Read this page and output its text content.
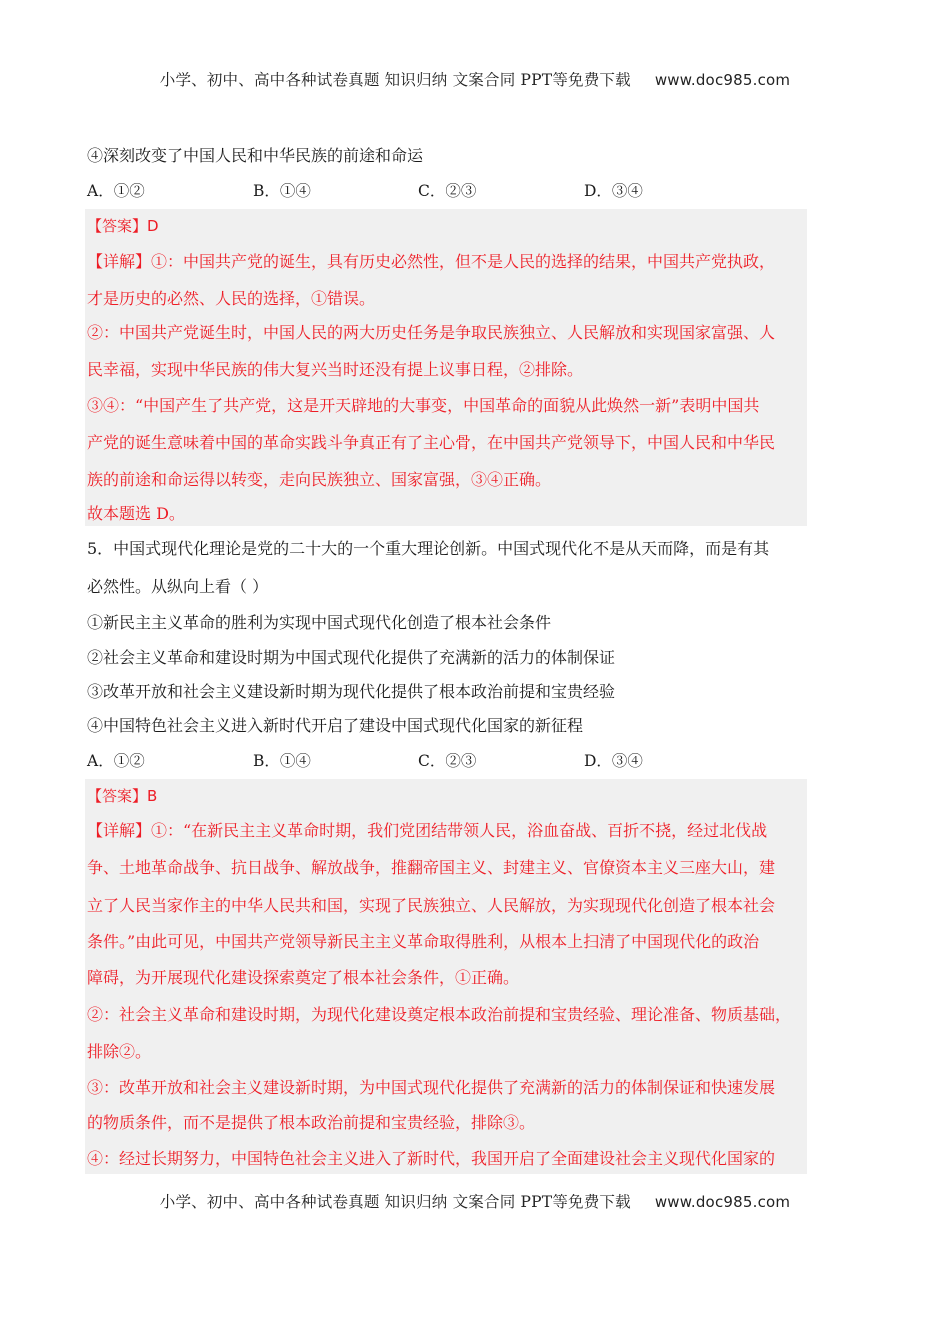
小学、初中、高中各种试卷真题 知识归纳 文案合同 PPT等免费下载 www.doc985.com
④深刻改变了中国人民和中华民族的前途和命运
A．①②	B．①④	C．②③	D．③④
【答案】D
【详解】①：中国共产党的诞生，具有历史必然性，但不是人民的选择的结果，中国共产党执政，
才是历史的必然、人民的选择，①错误。
②：中国共产党诞生时，中国人民的两大历史任务是争取民族独立、人民解放和实现国家富强、人
民幸福，实现中华民族的伟大复兴当时还没有提上议事日程，②排除。
③④：“中国产生了共产党，这是开天辟地的大事变，中国革命的面貌从此焕然一新”表明中国共
产党的诞生意味着中国的革命实践斗争真正有了主心骨，在中国共产党领导下，中国人民和中华民
族的前途和命运得以转变，走向民族独立、国家富强，③④正确。
故本题选 D。
5．中国式现代化理论是党的二十大的一个重大理论创新。中国式现代化不是从天而降，而是有其
必然性。从纵向上看（ ）
①新民主主义革命的胜利为实现中国式现代化创造了根本社会条件
②社会主义革命和建设时期为中国式现代化提供了充满新的活力的体制保证
③改革开放和社会主义建设新时期为现代化提供了根本政治前提和宝贵经验
④中国特色社会主义进入新时代开启了建设中国式现代化国家的新征程
A．①②	B．①④	C．②③	D．③④
【答案】B
【详解】①：“在新民主主义革命时期，我们党团结带领人民，浴血奋战、百折不挠，经过北伐战
争、土地革命战争、抗日战争、解放战争，推翻帝国主义、封建主义、官僚资本主义三座大山，建
立了人民当家作主的中华人民共和国，实现了民族独立、人民解放，为实现现代化创造了根本社会
条件。”由此可见，中国共产党领导新民主主义革命取得胜利，从根本上扫清了中国现代化的政治
障碍，为开展现代化建设探索奠定了根本社会条件，①正确。
②：社会主义革命和建设时期，为现代化建设奠定根本政治前提和宝贵经验、理论准备、物质基础，
排除②。
③：改革开放和社会主义建设新时期，为中国式现代化提供了充满新的活力的体制保证和快速发展
的物质条件，而不是提供了根本政治前提和宝贵经验，排除③。
④：经过长期努力，中国特色社会主义进入了新时代，我国开启了全面建设社会主义现代化国家的
小学、初中、高中各种试卷真题 知识归纳 文案合同 PPT等免费下载 www.doc985.com
